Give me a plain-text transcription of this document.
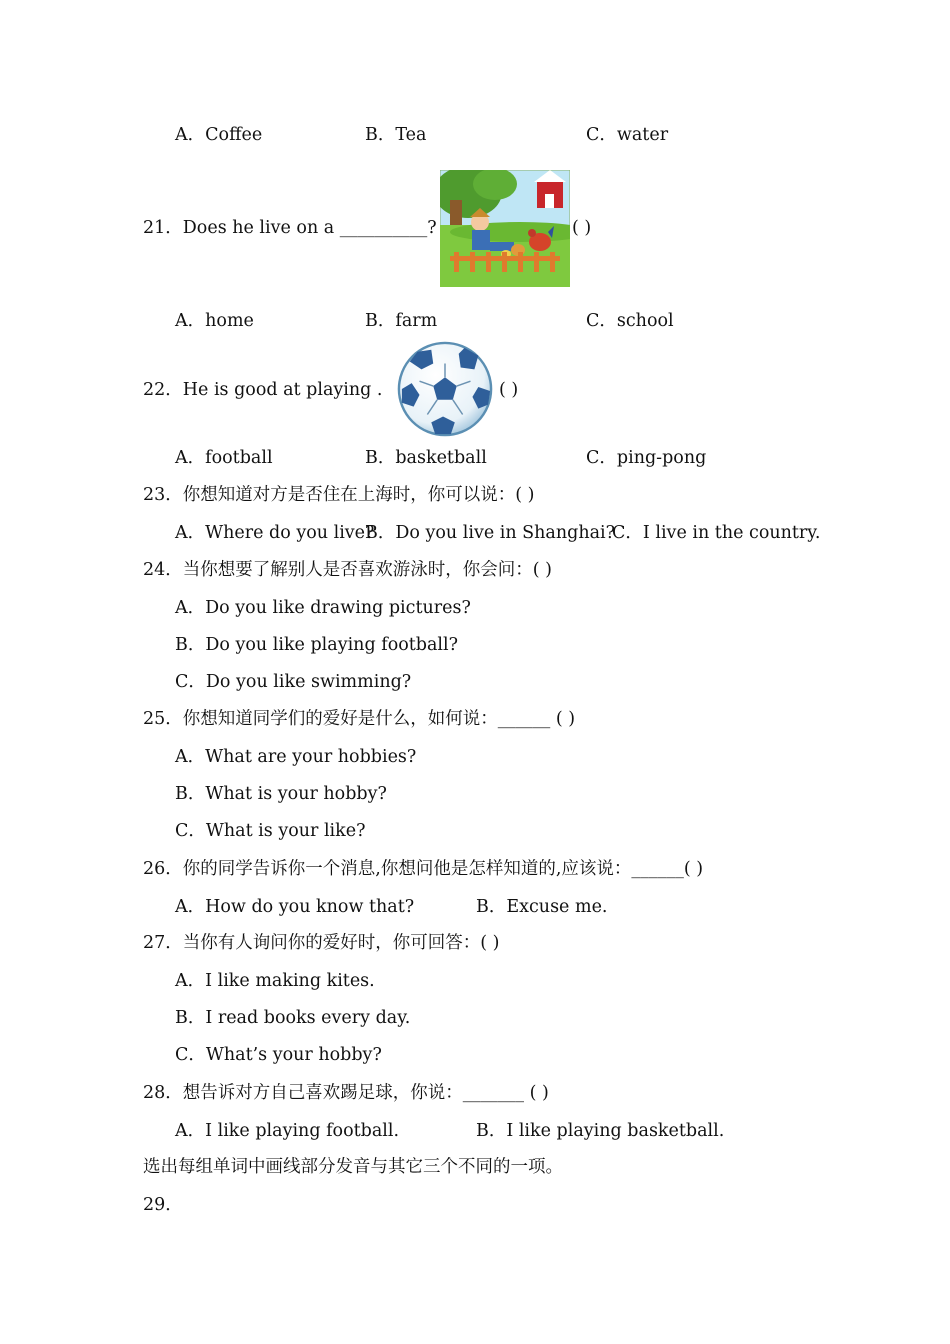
A．Coffee	B．Tea	C．water
21．Does he live on a __________?	( )
A．home	B．farm	C．school
22．He is good at playing .	( )
A．football	B．basketball	C．ping-pong
23．你想知道对方是否住在上海时，你可以说：( )
A．Where do you live?
B．Do you live in Shanghai?
C．I live in the country.
24．当你想要了解别人是否喜欢游泳时，你会问：( )
A．Do you like drawing pictures?
B．Do you like playing football?
C．Do you like swimming?
25．你想知道同学们的爱好是什么，如何说：______ ( )
A．What are your hobbies?
B．What is your hobby?
C．What is your like?
26．你的同学告诉你一个消息,你想问他是怎样知道的,应该说：______( )
A．How do you know that?	B．Excuse me.
27．当你有人询问你的爱好时，你可回答：( )
A．I like making kites.
B．I read books every day.
C．What’s your hobby?
28．想告诉对方自己喜欢踢足球，你说：_______ ( )
A．I like playing football.	B．I like playing basketball.
选出每组单词中画线部分发音与其它三个不同的一项。
29．
